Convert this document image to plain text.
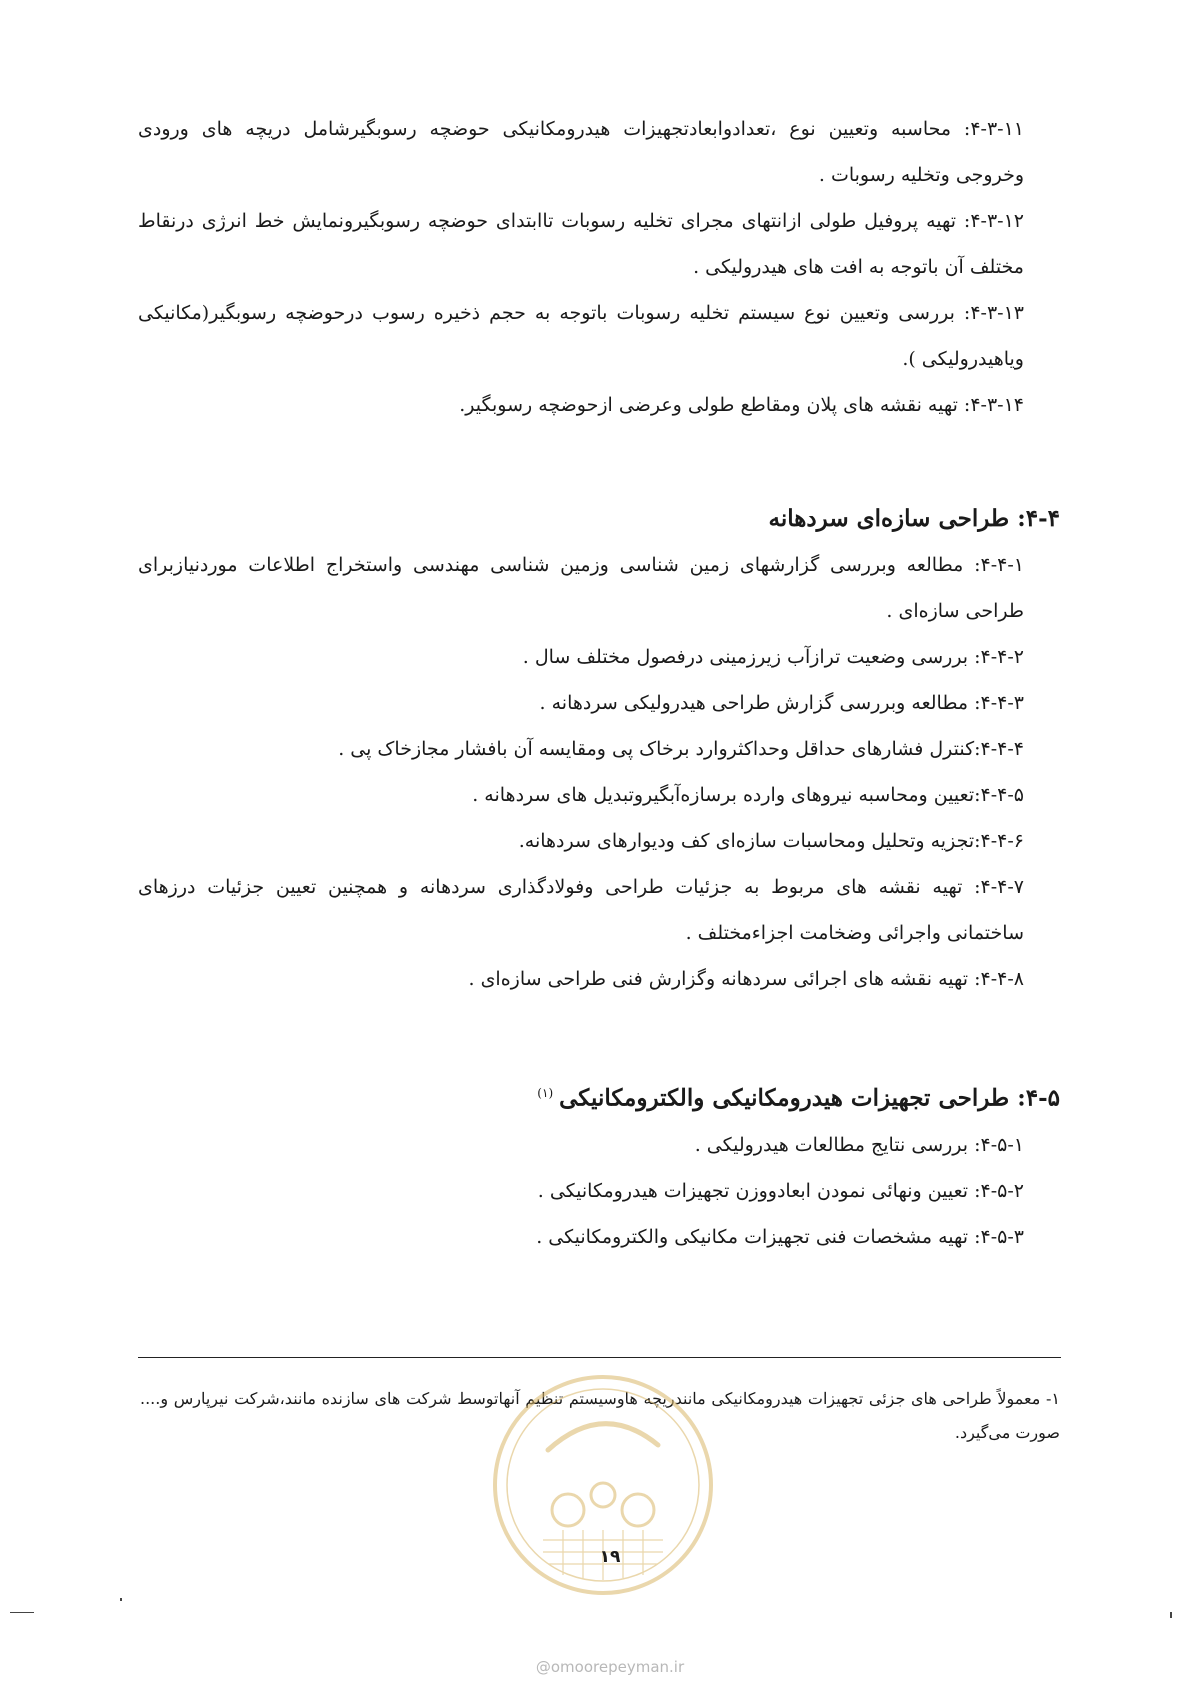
۴-۳-۱۱: محاسبه وتعیین نوع ،تعدادوابعادتجهیزات هیدرومکانیکی حوضچه رسوبگیرشامل دریچه های ورودی وخروجی وتخلیه رسوبات .

۴-۳-۱۲: تهیه پروفیل طولی ازانتهای مجرای تخلیه رسوبات تاابتدای حوضچه رسوبگیرونمایش خط انرژی درنقاط مختلف آن باتوجه به افت های هیدرولیکی .

۴-۳-۱۳: بررسی وتعیین نوع سیستم تخلیه رسوبات باتوجه به حجم ذخیره رسوب درحوضچه رسوبگیر(مکانیکی ویاهیدرولیکی ).

۴-۳-۱۴: تهیه نقشه های پلان ومقاطع طولی وعرضی ازحوضچه رسوبگیر.

۴-۴: طراحی سازه‌ای سردهانه

۴-۴-۱: مطالعه وبررسی گزارشهای زمین شناسی وزمین شناسی مهندسی واستخراج اطلاعات موردنیازبرای طراحی سازه‌ای .

۴-۴-۲: بررسی وضعیت ترازآب زیرزمینی درفصول مختلف سال .

۴-۴-۳: مطالعه وبررسی گزارش طراحی هیدرولیکی سردهانه .

۴-۴-۴:کنترل فشارهای حداقل وحداکثروارد برخاک پی ومقایسه آن بافشار مجازخاک پی .

۴-۴-۵:تعیین ومحاسبه نیروهای وارده برسازه‌آبگیروتبدیل های سردهانه .

۴-۴-۶:تجزیه وتحلیل ومحاسبات سازه‌ای کف ودیوارهای سردهانه.

۴-۴-۷: تهیه نقشه های مربوط به جزئیات طراحی وفولادگذاری سردهانه و همچنین تعیین جزئیات درزهای ساختمانی واجرائی وضخامت اجزاءمختلف .

۴-۴-۸: تهیه نقشه های اجرائی سردهانه وگزارش فنی طراحی سازه‌ای .

۴-۵: طراحی تجهیزات هیدرومکانیکی والکترومکانیکی$^{(۱)}$

۴-۵-۱: بررسی نتایج مطالعات هیدرولیکی .

۴-۵-۲: تعیین ونهائی نمودن ابعادووزن تجهیزات هیدرومکانیکی .

۴-۵-۳: تهیه مشخصات فنی تجهیزات مکانیکی والکترومکانیکی .

۱- معمولاً طراحی های جزئی تجهیزات هیدرومکانیکی مانندریچه هاوسیستم تنظیم آنهاتوسط شرکت های سازنده مانند،شرکت نیرپارس و.... صورت می‌گیرد.

۱۹
@omoorepeyman.ir
